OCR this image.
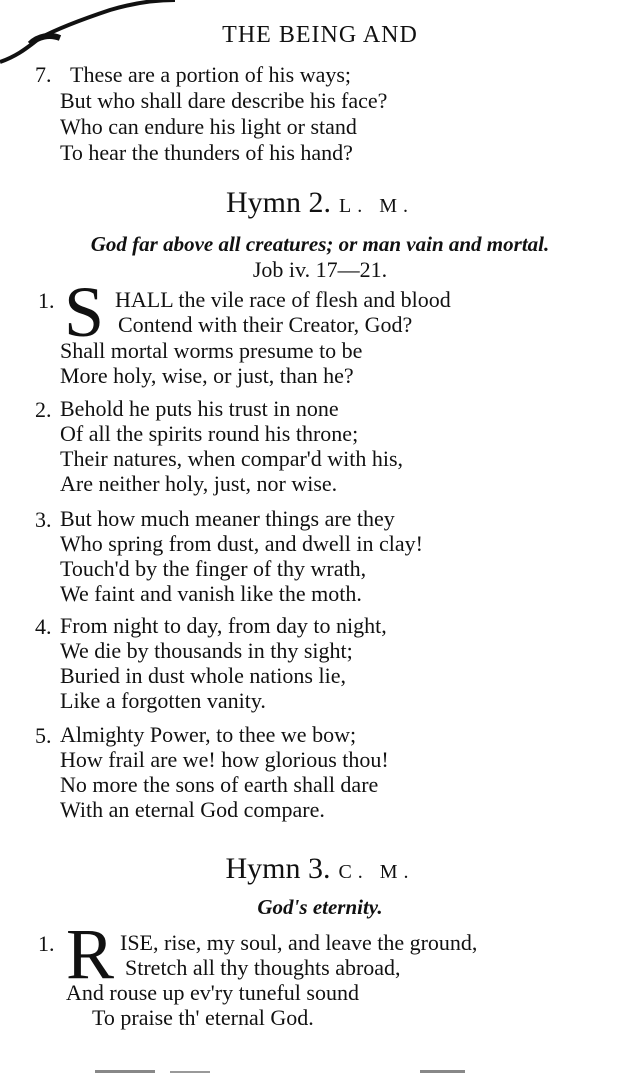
THE BEING AND
7. These are a portion of his ways;
But who shall dare describe his face?
Who can endure his light or stand
To hear the thunders of his hand?
Hymn 2. L. M.
God far above all creatures; or man vain and mortal.
Job iv. 17—21.
1. S HALL the vile race of flesh and blood
Contend with their Creator, God?
Shall mortal worms presume to be
More holy, wise, or just, than he?
2. Behold he puts his trust in none
Of all the spirits round his throne;
Their natures, when compar'd with his,
Are neither holy, just, nor wise.
3. But how much meaner things are they
Who spring from dust, and dwell in clay!
Touch'd by the finger of thy wrath,
We faint and vanish like the moth.
4. From night to day, from day to night,
We die by thousands in thy sight;
Buried in dust whole nations lie,
Like a forgotten vanity.
5. Almighty Power, to thee we bow;
How frail are we! how glorious thou!
No more the sons of earth shall dare
With an eternal God compare.
Hymn 3. C. M.
God's eternity.
1. R ISE, rise, my soul, and leave the ground,
Stretch all thy thoughts abroad,
And rouse up ev'ry tuneful sound
To praise th' eternal God.
